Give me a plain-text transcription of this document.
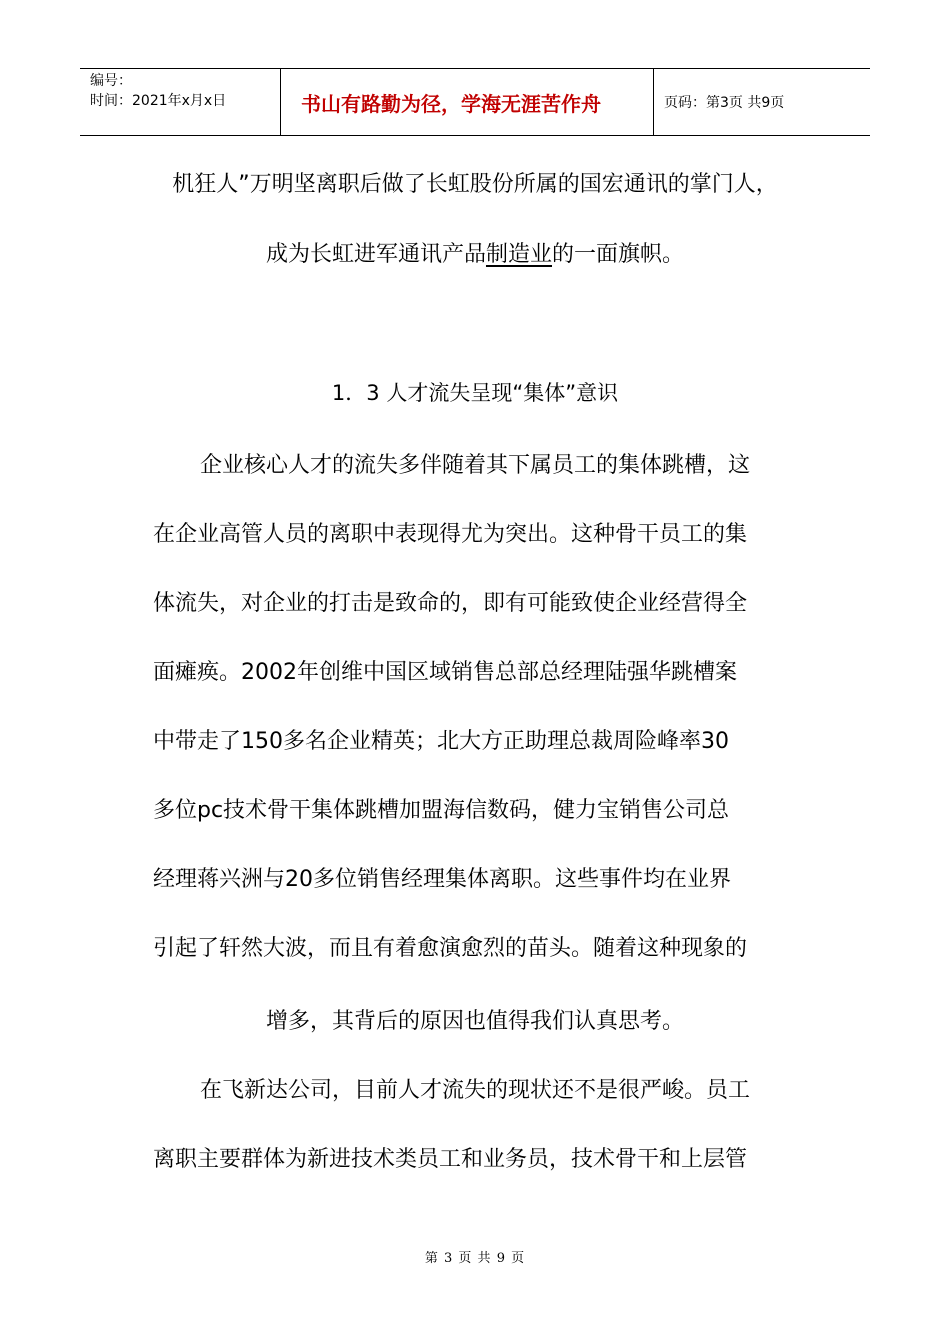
编号：
时间：2021年x月x日	书山有路勤为径，学海无涯苦作舟	页码：第3页 共9页
机狂人”万明坚离职后做了长虹股份所属的国宏通讯的掌门人，
成为长虹进军通讯产品制造业的一面旗帜。
1．3 人才流失呈现“集体”意识
企业核心人才的流失多伴随着其下属员工的集体跳槽，这
在企业高管人员的离职中表现得尤为突出。这种骨干员工的集
体流失，对企业的打击是致命的，即有可能致使企业经营得全
面瘫痪。2002年创维中国区域销售总部总经理陆强华跳槽案
中带走了150多名企业精英；北大方正助理总裁周险峰率30
多位pc技术骨干集体跳槽加盟海信数码，健力宝销售公司总
经理蒋兴洲与20多位销售经理集体离职。这些事件均在业界
引起了轩然大波，而且有着愈演愈烈的苗头。随着这种现象的
增多，其背后的原因也值得我们认真思考。
在飞新达公司，目前人才流失的现状还不是很严峻。员工
离职主要群体为新进技术类员工和业务员，技术骨干和上层管
第 3 页 共 9 页
